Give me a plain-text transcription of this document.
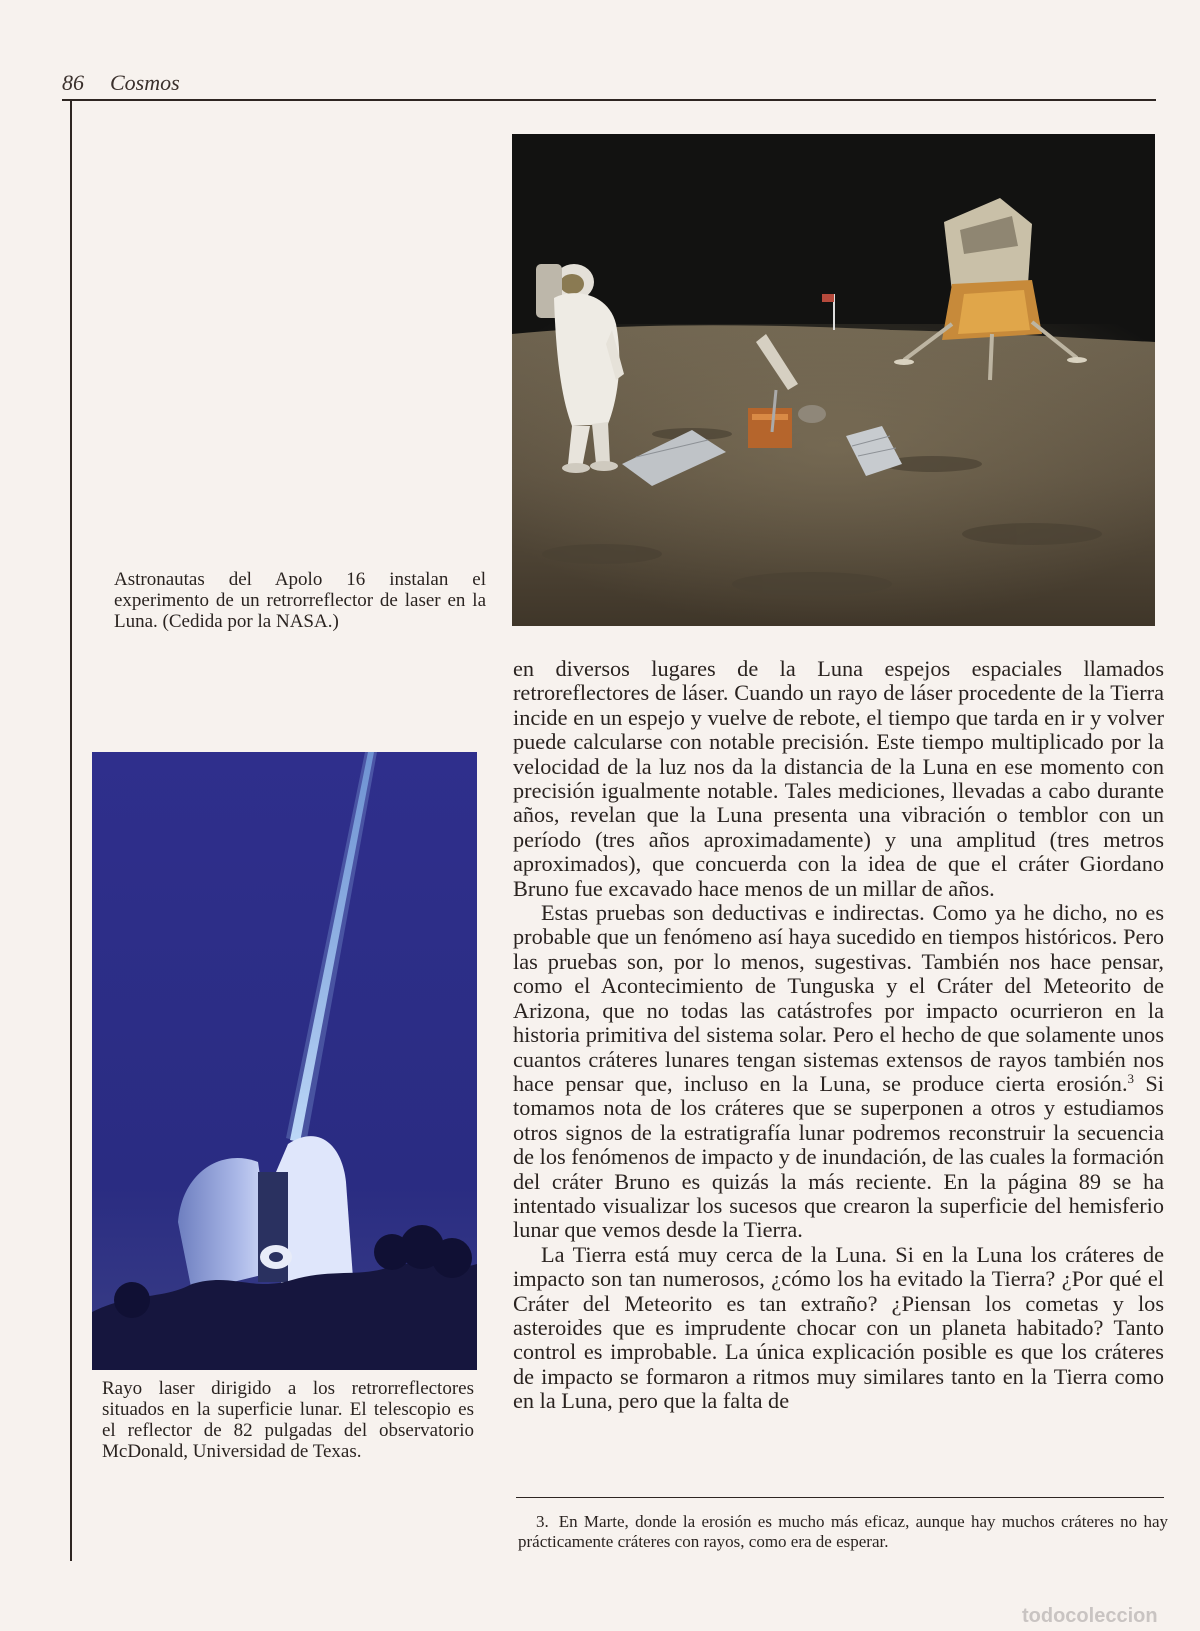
86 Cosmos

Astronautas del Apolo 16 instalan el experimento de un retrorreflector de laser en la Luna. (Cedida por la NASA.)

Rayo laser dirigido a los retrorreflectores situados en la superficie lunar. El telescopio es el reflector de 82 pulgadas del observatorio McDonald, Universidad de Texas.

en diversos lugares de la Luna espejos espaciales llamados retroreflectores de láser. Cuando un rayo de láser procedente de la Tierra incide en un espejo y vuelve de rebote, el tiempo que tarda en ir y volver puede calcularse con notable precisión. Este tiempo multiplicado por la velocidad de la luz nos da la distancia de la Luna en ese momento con precisión igualmente notable. Tales mediciones, llevadas a cabo durante años, revelan que la Luna presenta una vibración o temblor con un período (tres años aproximadamente) y una amplitud (tres metros aproximados), que concuerda con la idea de que el cráter Giordano Bruno fue excavado hace menos de un millar de años.

Estas pruebas son deductivas e indirectas. Como ya he dicho, no es probable que un fenómeno así haya sucedido en tiempos históricos. Pero las pruebas son, por lo menos, sugestivas. También nos hace pensar, como el Acontecimiento de Tunguska y el Cráter del Meteorito de Arizona, que no todas las catástrofes por impacto ocurrieron en la historia primitiva del sistema solar. Pero el hecho de que solamente unos cuantos cráteres lunares tengan sistemas extensos de rayos también nos hace pensar que, incluso en la Luna, se produce cierta erosión.$^3$ Si tomamos nota de los cráteres que se superponen a otros y estudiamos otros signos de la estratigrafía lunar podremos reconstruir la secuencia de los fenómenos de impacto y de inundación, de las cuales la formación del cráter Bruno es quizás la más reciente. En la página 89 se ha intentado visualizar los sucesos que crearon la superficie del hemisferio lunar que vemos desde la Tierra.

La Tierra está muy cerca de la Luna. Si en la Luna los cráteres de impacto son tan numerosos, ¿cómo los ha evitado la Tierra? ¿Por qué el Cráter del Meteorito es tan extraño? ¿Piensan los cometas y los asteroides que es imprudente chocar con un planeta habitado? Tanto control es improbable. La única explicación posible es que los cráteres de impacto se formaron a ritmos muy similares tanto en la Tierra como en la Luna, pero que la falta de

3. En Marte, donde la erosión es mucho más eficaz, aunque hay muchos cráteres no hay prácticamente cráteres con rayos, como era de esperar.
todocoleccion
